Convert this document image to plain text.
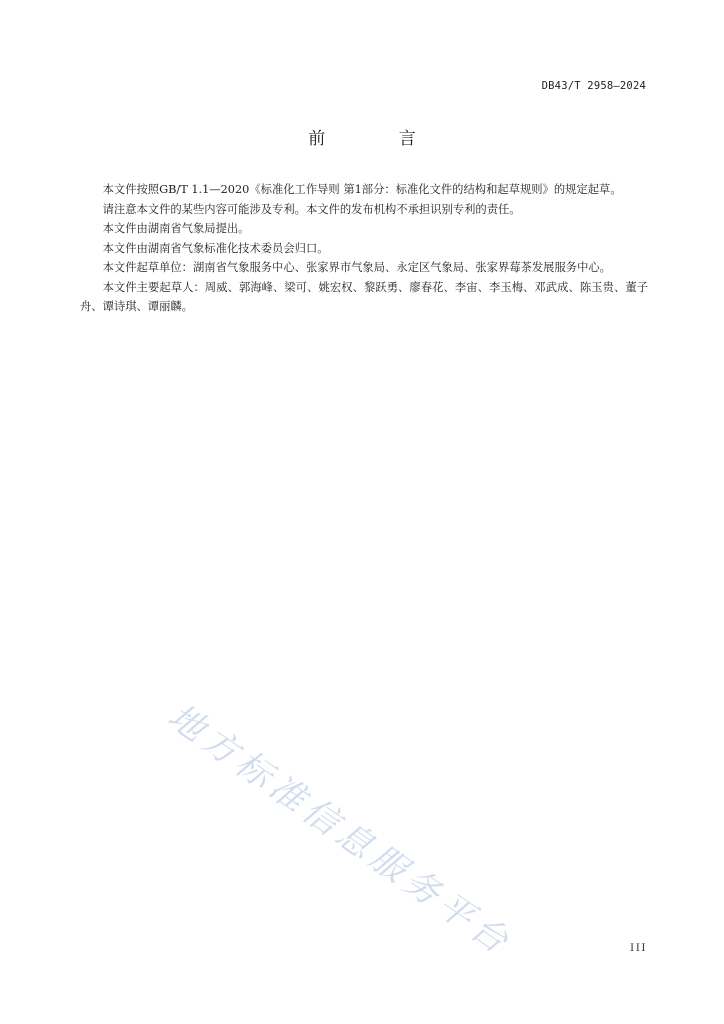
DB43/T 2958—2024
前 言

本文件按照GB/T 1.1—2020《标准化工作导则 第1部分：标准化文件的结构和起草规则》的规定起草。

请注意本文件的某些内容可能涉及专利。本文件的发布机构不承担识别专利的责任。

本文件由湖南省气象局提出。

本文件由湖南省气象标准化技术委员会归口。

本文件起草单位：湖南省气象服务中心、张家界市气象局、永定区气象局、张家界莓茶发展服务中心。

本文件主要起草人：周威、郭海峰、梁可、姚宏权、黎跃勇、廖春花、李宙、李玉梅、邓武成、陈玉贵、董子舟、谭诗琪、谭丽麟。

地方标准信息服务平台	III
